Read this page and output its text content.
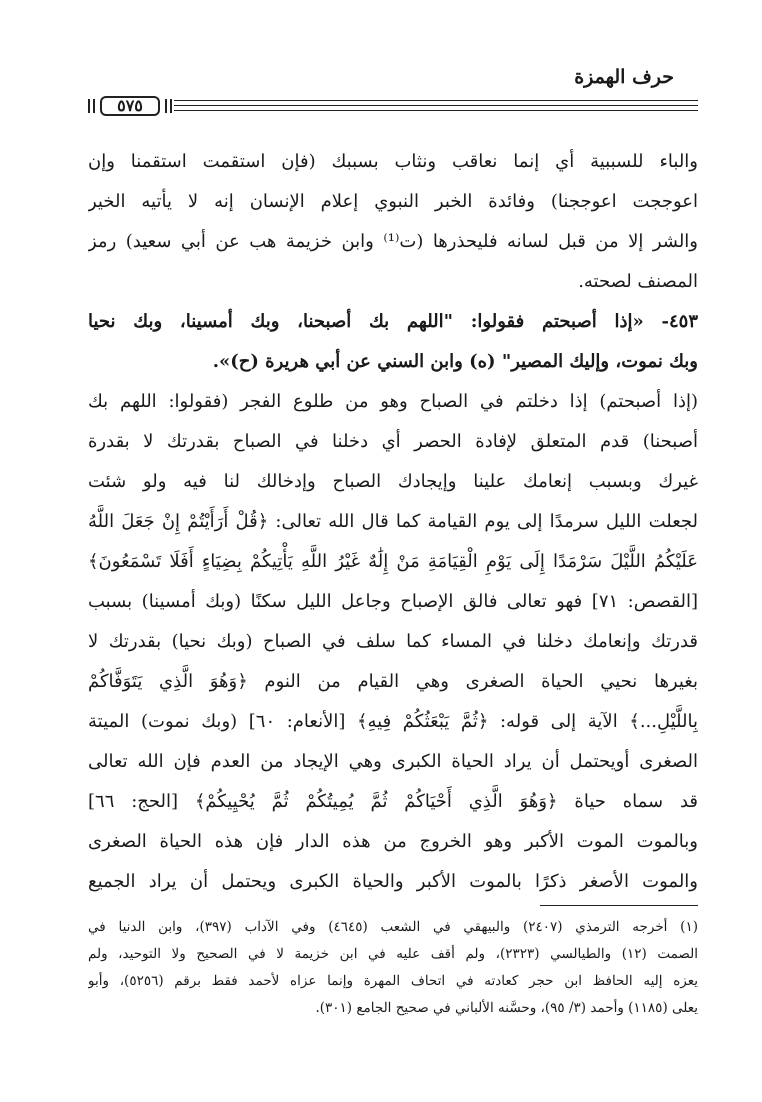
حرف الهمزة
٥٧٥
والباء للسببية أي إنما نعاقب ونثاب بسببك (فإن استقمت استقمنا وإن
اعوججت اعوججنا) وفائدة الخبر النبوي إعلام الإنسان إنه لا يأتيه الخير
والشر إلا من قبل لسانه فليحذرها (ت⁽¹⁾ وابن خزيمة هب عن أبي سعيد) رمز
المصنف لصحته.
٤٥٣- «إذا أصبحتم فقولوا: "اللهم بك أصبحنا، وبك أمسينا، وبك نحيا
وبك نموت، وإليك المصير" (ه) وابن السني عن أبي هريرة (ح)».
(إذا أصبحتم) إذا دخلتم في الصباح وهو من طلوع الفجر (فقولوا: اللهم بك
أصبحنا) قدم المتعلق لإفادة الحصر أي دخلنا في الصباح بقدرتك لا بقدرة
غيرك وبسبب إنعامك علينا وإيجادك الصباح وإدخالك لنا فيه ولو شئت
لجعلت الليل سرمدًا إلى يوم القيامة كما قال الله تعالى: ﴿قُلْ أَرَأَيْتُمْ إِنْ جَعَلَ اللَّهُ
عَلَيْكُمُ اللَّيْلَ سَرْمَدًا إِلَى يَوْمِ الْقِيَامَةِ مَنْ إِلَٰهٌ غَيْرُ اللَّهِ يَأْتِيكُمْ بِضِيَاءٍ أَفَلَا تَسْمَعُونَ﴾
[القصص: ٧١] فهو تعالى فالق الإصباح وجاعل الليل سكنًا (وبك أمسينا) بسبب
قدرتك وإنعامك دخلنا في المساء كما سلف في الصباح (وبك نحيا) بقدرتك لا
بغيرها نحيي الحياة الصغرى وهي القيام من النوم ﴿وَهُوَ الَّذِي يَتَوَفَّاكُمْ
بِاللَّيْلِ...﴾ الآية إلى قوله: ﴿ثُمَّ يَبْعَثُكُمْ فِيهِ﴾ [الأنعام: ٦٠] (وبك نموت) الميتة
الصغرى أويحتمل أن يراد الحياة الكبرى وهي الإيجاد من العدم فإن الله تعالى
قد سماه حياة ﴿وَهُوَ الَّذِي أَحْيَاكُمْ ثُمَّ يُمِيتُكُمْ ثُمَّ يُحْيِيكُمْ﴾ [الحج: ٦٦]
وبالموت الموت الأكبر وهو الخروج من هذه الدار فإن هذه الحياة الصغرى
والموت الأصغر ذكرًا بالموت الأكبر والحياة الكبرى ويحتمل أن يراد الجميع
(١) أخرجه الترمذي (٢٤٠٧) والبيهقي في الشعب (٤٦٤٥) وفي الآداب (٣٩٧)، وابن الدنيا في
الصمت (١٢) والطيالسي (٢٣٢٣)، ولم أقف عليه في ابن خزيمة لا في الصحيح ولا التوحيد، ولم
يعزه إليه الحافظ ابن حجر كعادته في اتحاف المهرة وإنما عزاه لأحمد فقط برقم (٥٢٥٦)، وأبو
يعلى (١١٨٥) وأحمد (٣/ ٩٥)، وحسَّنه الألباني في صحيح الجامع (٣٠١).
